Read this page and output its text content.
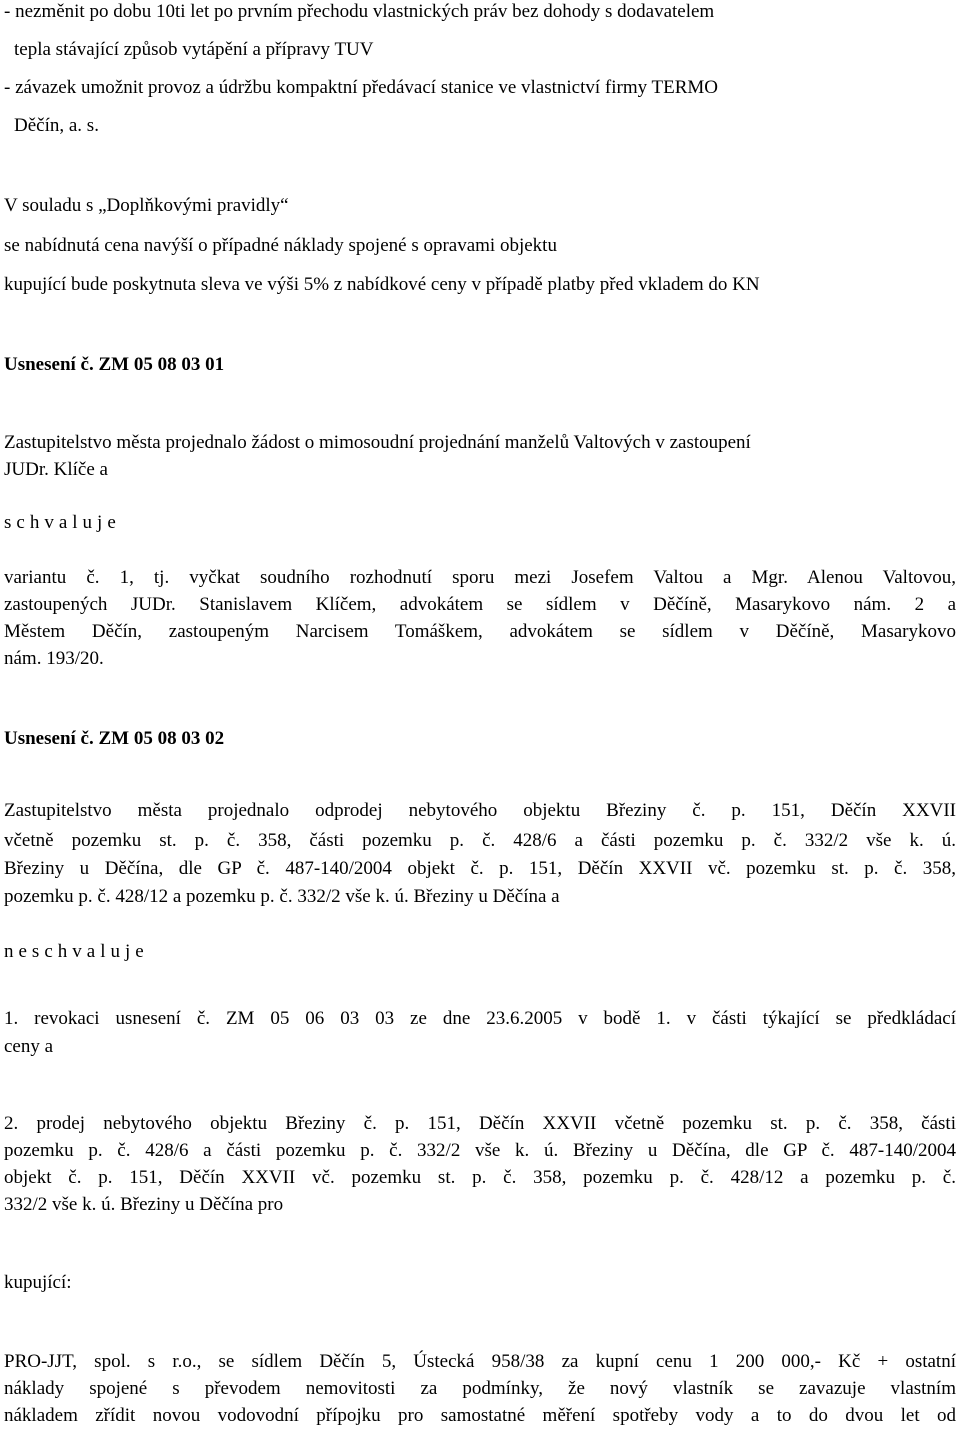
- nezměnit po dobu 10ti let po prvním přechodu vlastnických práv bez dohody s dodavatelem
tepla stávající způsob vytápění a přípravy TUV
- závazek umožnit provoz a údržbu kompaktní předávací stanice ve vlastnictví firmy TERMO
Děčín, a. s.
V souladu s „Doplňkovými pravidly“
se nabídnutá cena navýší o případné náklady spojené s opravami objektu
kupující bude poskytnuta sleva ve výši 5% z nabídkové ceny v případě platby před vkladem do KN
Usnesení č. ZM 05 08 03 01
Zastupitelstvo města projednalo žádost o mimosoudní projednání manželů Valtových v zastoupení
JUDr. Klíče a
schvaluje
variantu č. 1, tj. vyčkat soudního rozhodnutí sporu mezi Josefem Valtou a Mgr. Alenou Valtovou,
zastoupených JUDr. Stanislavem Klíčem, advokátem se sídlem v Děčíně, Masarykovo nám. 2 a
Městem Děčín, zastoupeným Narcisem Tomáškem, advokátem se sídlem v Děčíně, Masarykovo
nám. 193/20.
Usnesení č. ZM 05 08 03 02
Zastupitelstvo města projednalo odprodej nebytového objektu Březiny č. p. 151, Děčín XXVII
včetně pozemku st. p. č. 358, části pozemku p. č. 428/6 a části pozemku p. č. 332/2 vše k. ú.
Březiny u Děčína, dle GP č. 487-140/2004 objekt č. p. 151, Děčín XXVII vč. pozemku st. p. č. 358,
pozemku p. č. 428/12 a pozemku p. č. 332/2 vše k. ú. Březiny u Děčína a
neschvaluje
1. revokaci usnesení č. ZM 05 06 03 03 ze dne 23.6.2005 v bodě 1. v části týkající se předkládací
ceny a
2. prodej nebytového objektu Březiny č. p. 151, Děčín XXVII včetně pozemku st. p. č. 358, části
pozemku p. č. 428/6 a části pozemku p. č. 332/2 vše k. ú. Březiny u Děčína, dle GP č. 487-140/2004
objekt č. p. 151, Děčín XXVII vč. pozemku st. p. č. 358, pozemku p. č. 428/12 a pozemku p. č.
332/2 vše k. ú. Březiny u Děčína pro
kupující:
PRO-JJT, spol. s r.o., se sídlem Děčín 5, Ústecká 958/38 za kupní cenu 1 200 000,- Kč + ostatní
náklady spojené s převodem nemovitosti za podmínky, že nový vlastník se zavazuje vlastním
nákladem zřídit novou vodovodní přípojku pro samostatné měření spotřeby vody a to do dvou let od
